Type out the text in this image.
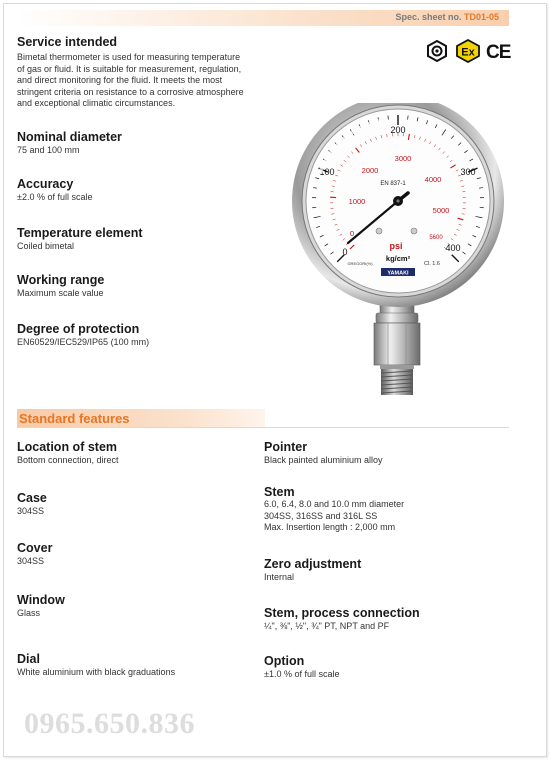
Spec. sheet no. TD01-05
Ex CE
Service intended
Bimetal thermometer is used for measuring temperature
of gas or fluid. It is suitable for measurement, regulation,
and direct monitoring for the fluid. It meets the most
stringent criteria on resistance to a corrosive atmosphere
and exceptional climatic circumstances.
Nominal diameter
75 and 100 mm
Accuracy
±2.0 % of full scale
Temperature element
Coiled bimetal
Working range
Maximum scale value
Degree of protection
EN60529/IEC529/IP65 (100 mm)
0
100
200
300
400
0
1000
2000
3000
4000
5000
5600
EN 837-1
psi
kg/cm²
GREGORI(%)	Cl. 1.6
YAMAKI
Standard features
Location of stem
Bottom connection, direct
Case
304SS
Cover
304SS
Window
Glass
Dial
White aluminium with black graduations
Pointer
Black painted aluminium alloy
Stem
6.0, 6.4, 8.0 and 10.0 mm diameter
304SS, 316SS and 316L SS
Max. Insertion length : 2,000 mm
Zero adjustment
Internal
Stem, process connection
¼", ⅜", ½", ¾" PT, NPT and PF
Option
±1.0 % of full scale
0965.650.836
